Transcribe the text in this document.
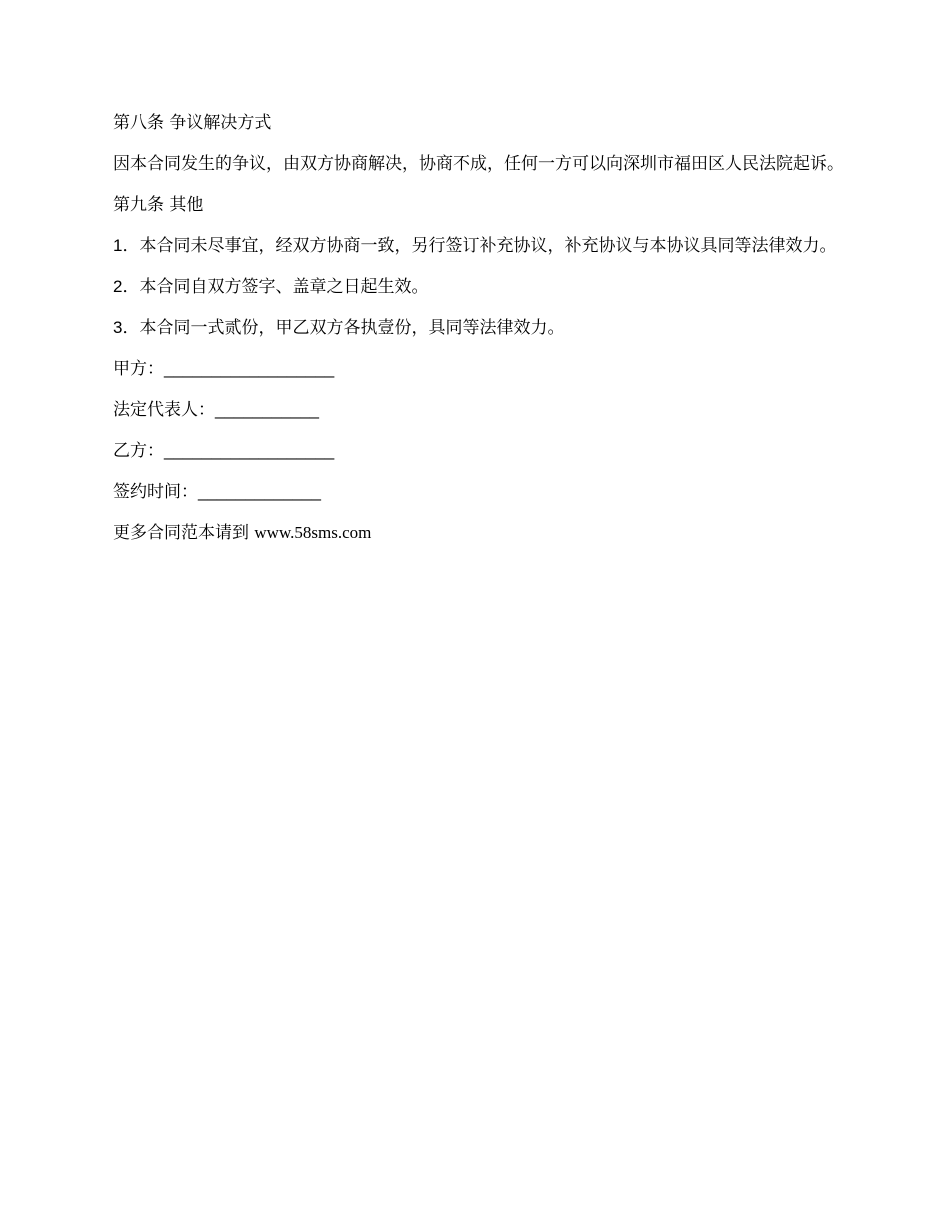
第八条 争议解决方式

因本合同发生的争议，由双方协商解决，协商不成，任何一方可以向深圳市福田区人民法院起诉。

第九条 其他

1．本合同未尽事宜，经双方协商一致，另行签订补充协议，补充协议与本协议具同等法律效力。

2．本合同自双方签字、盖章之日起生效。

3．本合同一式贰份，甲乙双方各执壹份，具同等法律效力。

甲方：__________________

法定代表人：___________

乙方：__________________

签约时间：_____________

更多合同范本请到 www.58sms.com
